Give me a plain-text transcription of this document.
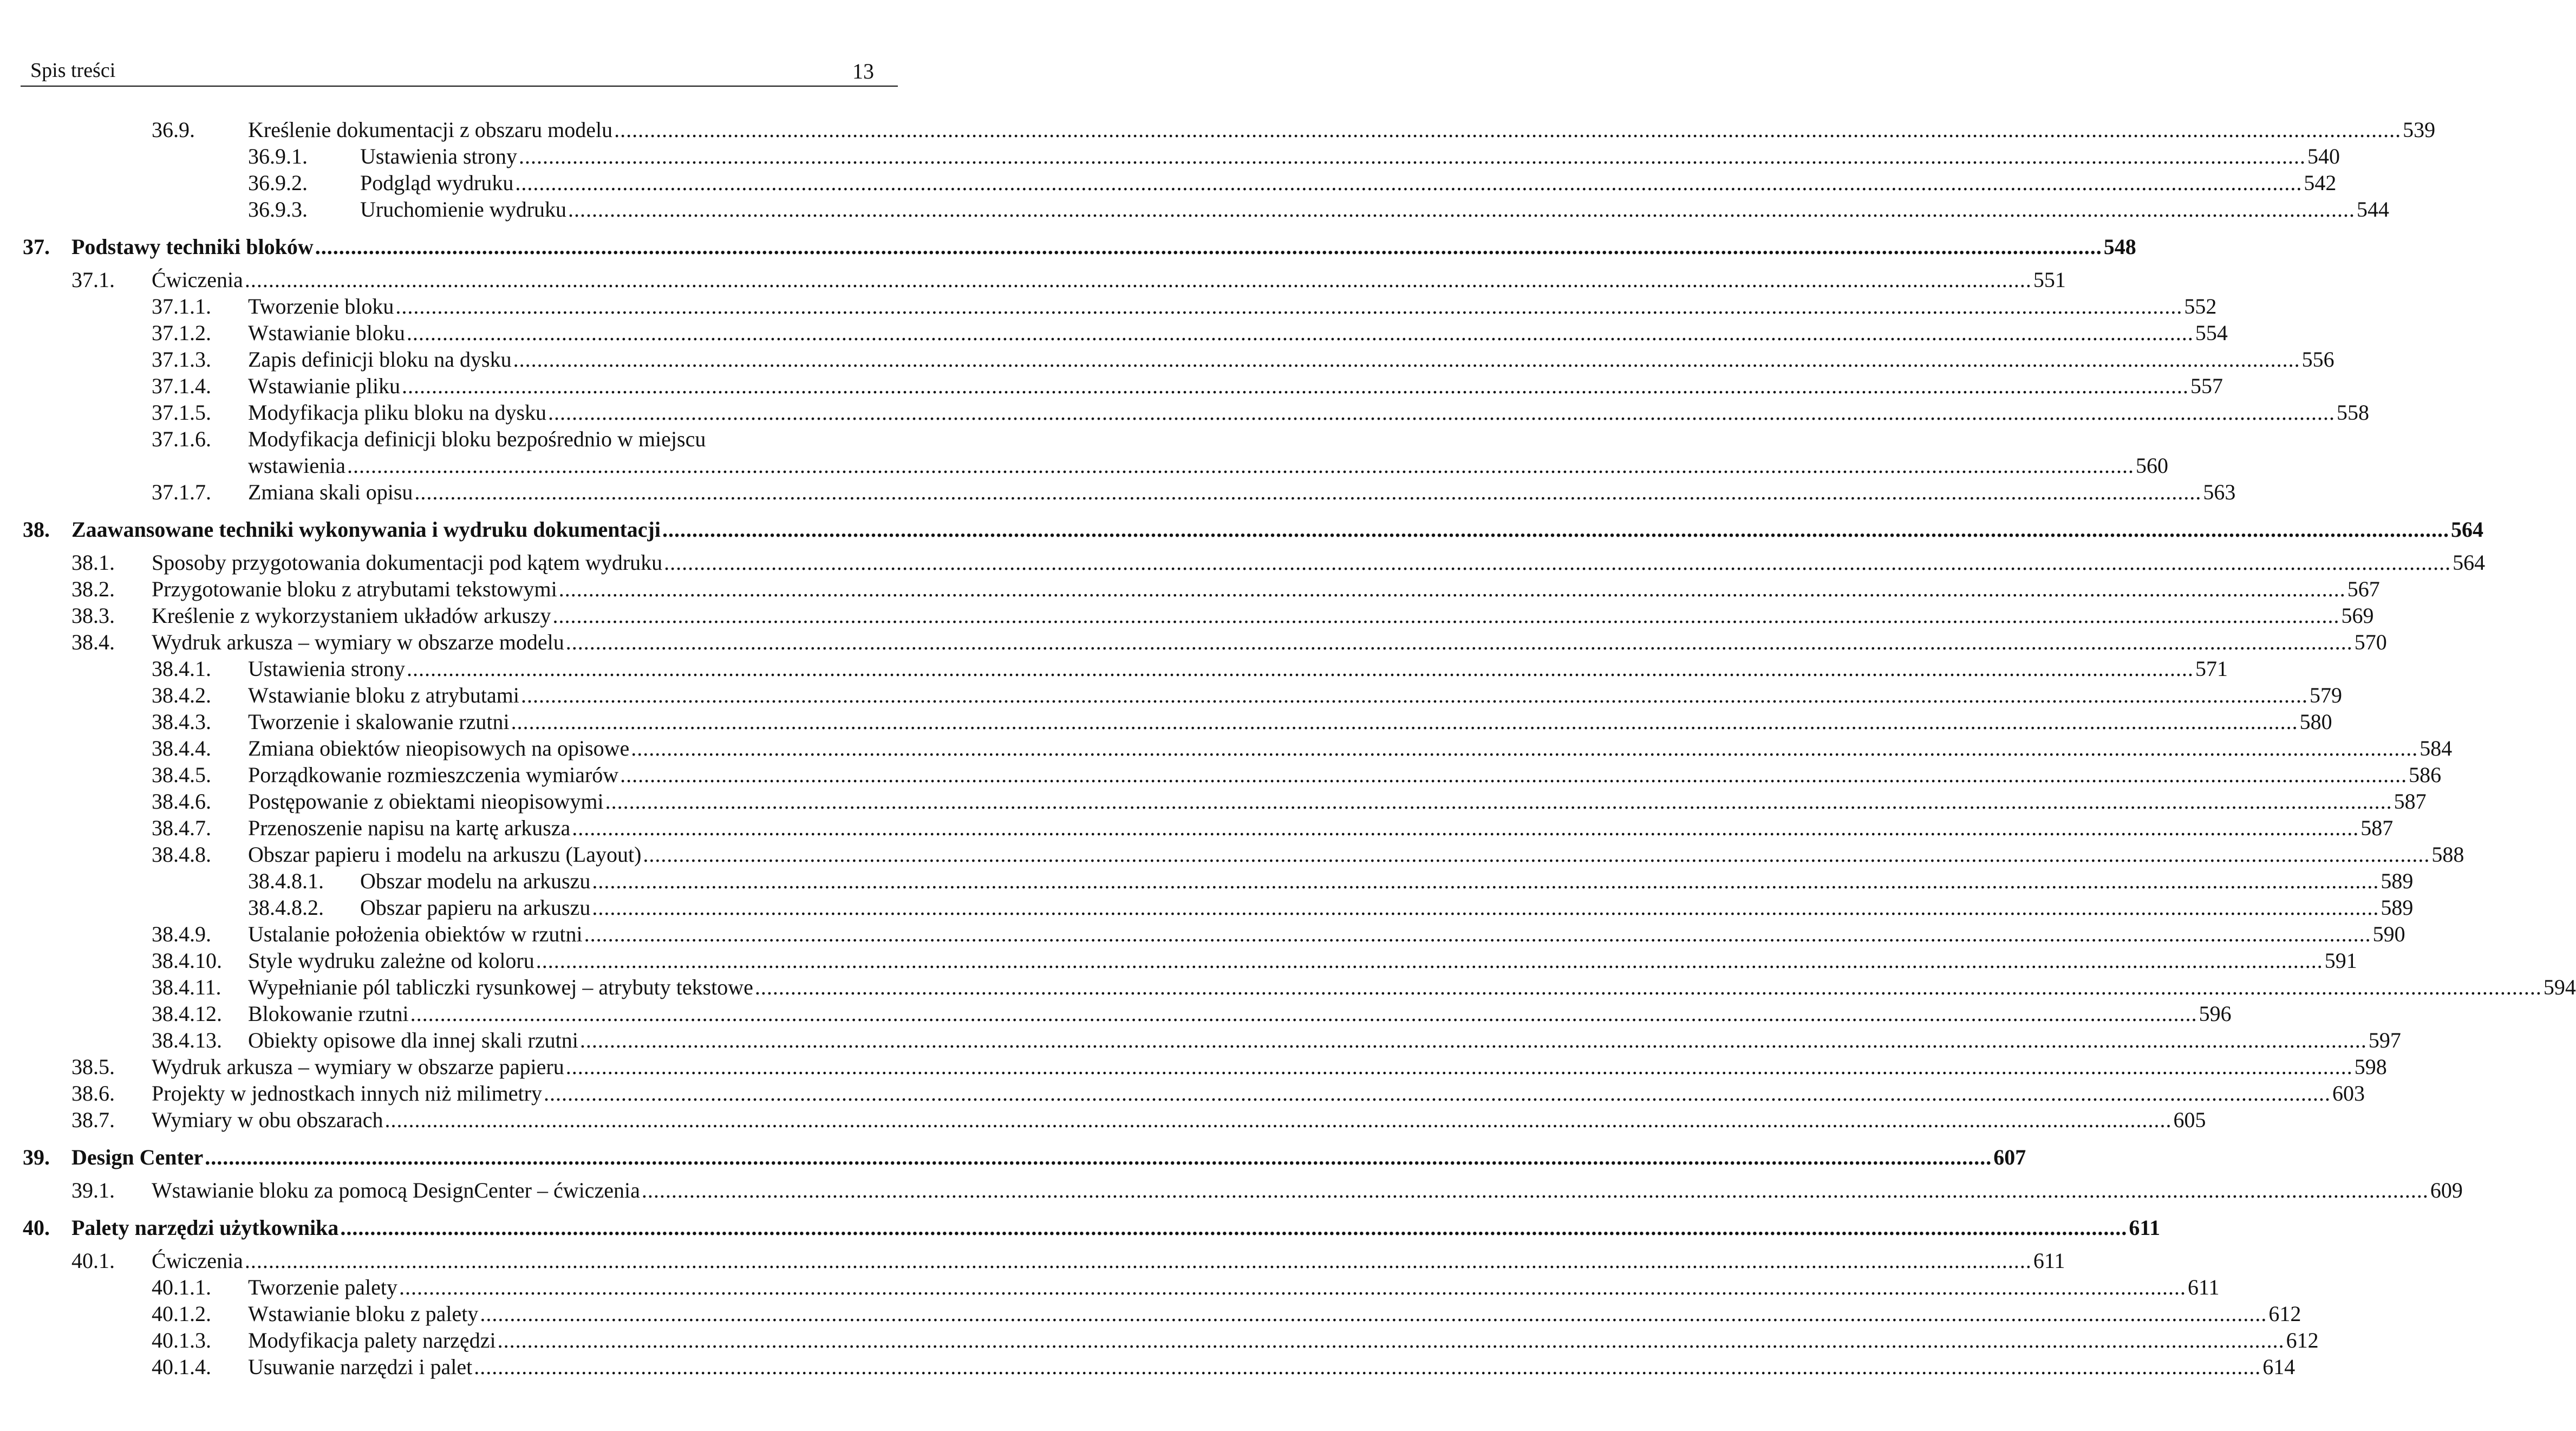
Spis treści	13
36.9. Kreślenie dokumentacji z obszaru modelu ............................................................................................................................................................................................................................................................................................................ 539
36.9.1. Ustawienia strony ............................................................................................................................................................................................................................................................................................................ 540
36.9.2. Podgląd wydruku ............................................................................................................................................................................................................................................................................................................ 542
36.9.3. Uruchomienie wydruku ............................................................................................................................................................................................................................................................................................................ 544
37. Podstawy techniki bloków ............................................................................................................................................................................................................................................................................................................ 548
37.1. Ćwiczenia ............................................................................................................................................................................................................................................................................................................ 551
37.1.1. Tworzenie bloku ............................................................................................................................................................................................................................................................................................................ 552
37.1.2. Wstawianie bloku ............................................................................................................................................................................................................................................................................................................ 554
37.1.3. Zapis definicji bloku na dysku ............................................................................................................................................................................................................................................................................................................ 556
37.1.4. Wstawianie pliku ............................................................................................................................................................................................................................................................................................................ 557
37.1.5. Modyfikacja pliku bloku na dysku ............................................................................................................................................................................................................................................................................................................ 558
37.1.6. Modyfikacja definicji bloku bezpośrednio w miejscu
wstawienia ............................................................................................................................................................................................................................................................................................................ 560
37.1.7. Zmiana skali opisu ............................................................................................................................................................................................................................................................................................................ 563
38. Zaawansowane techniki wykonywania i wydruku dokumentacji ............................................................................................................................................................................................................................................................................................................ 564
38.1. Sposoby przygotowania dokumentacji pod kątem wydruku ............................................................................................................................................................................................................................................................................................................ 564
38.2. Przygotowanie bloku z atrybutami tekstowymi ............................................................................................................................................................................................................................................................................................................ 567
38.3. Kreślenie z wykorzystaniem układów arkuszy ............................................................................................................................................................................................................................................................................................................ 569
38.4. Wydruk arkusza – wymiary w obszarze modelu ............................................................................................................................................................................................................................................................................................................ 570
38.4.1. Ustawienia strony ............................................................................................................................................................................................................................................................................................................ 571
38.4.2. Wstawianie bloku z atrybutami ............................................................................................................................................................................................................................................................................................................ 579
38.4.3. Tworzenie i skalowanie rzutni ............................................................................................................................................................................................................................................................................................................ 580
38.4.4. Zmiana obiektów nieopisowych na opisowe ............................................................................................................................................................................................................................................................................................................ 584
38.4.5. Porządkowanie rozmieszczenia wymiarów ............................................................................................................................................................................................................................................................................................................ 586
38.4.6. Postępowanie z obiektami nieopisowymi ............................................................................................................................................................................................................................................................................................................ 587
38.4.7. Przenoszenie napisu na kartę arkusza ............................................................................................................................................................................................................................................................................................................ 587
38.4.8. Obszar papieru i modelu na arkuszu (Layout) ............................................................................................................................................................................................................................................................................................................ 588
38.4.8.1. Obszar modelu na arkuszu ............................................................................................................................................................................................................................................................................................................ 589
38.4.8.2. Obszar papieru na arkuszu ............................................................................................................................................................................................................................................................................................................ 589
38.4.9. Ustalanie położenia obiektów w rzutni ............................................................................................................................................................................................................................................................................................................ 590
38.4.10. Style wydruku zależne od koloru ............................................................................................................................................................................................................................................................................................................ 591
38.4.11. Wypełnianie pól tabliczki rysunkowej – atrybuty tekstowe ............................................................................................................................................................................................................................................................................................................ 594
38.4.12. Blokowanie rzutni ............................................................................................................................................................................................................................................................................................................ 596
38.4.13. Obiekty opisowe dla innej skali rzutni ............................................................................................................................................................................................................................................................................................................ 597
38.5. Wydruk arkusza – wymiary w obszarze papieru ............................................................................................................................................................................................................................................................................................................ 598
38.6. Projekty w jednostkach innych niż milimetry ............................................................................................................................................................................................................................................................................................................ 603
38.7. Wymiary w obu obszarach ............................................................................................................................................................................................................................................................................................................ 605
39. Design Center ............................................................................................................................................................................................................................................................................................................ 607
39.1. Wstawianie bloku za pomocą DesignCenter – ćwiczenia ............................................................................................................................................................................................................................................................................................................ 609
40. Palety narzędzi użytkownika ............................................................................................................................................................................................................................................................................................................ 611
40.1. Ćwiczenia ............................................................................................................................................................................................................................................................................................................ 611
40.1.1. Tworzenie palety ............................................................................................................................................................................................................................................................................................................ 611
40.1.2. Wstawianie bloku z palety ............................................................................................................................................................................................................................................................................................................ 612
40.1.3. Modyfikacja palety narzędzi ............................................................................................................................................................................................................................................................................................................ 612
40.1.4. Usuwanie narzędzi i palet ............................................................................................................................................................................................................................................................................................................ 614
